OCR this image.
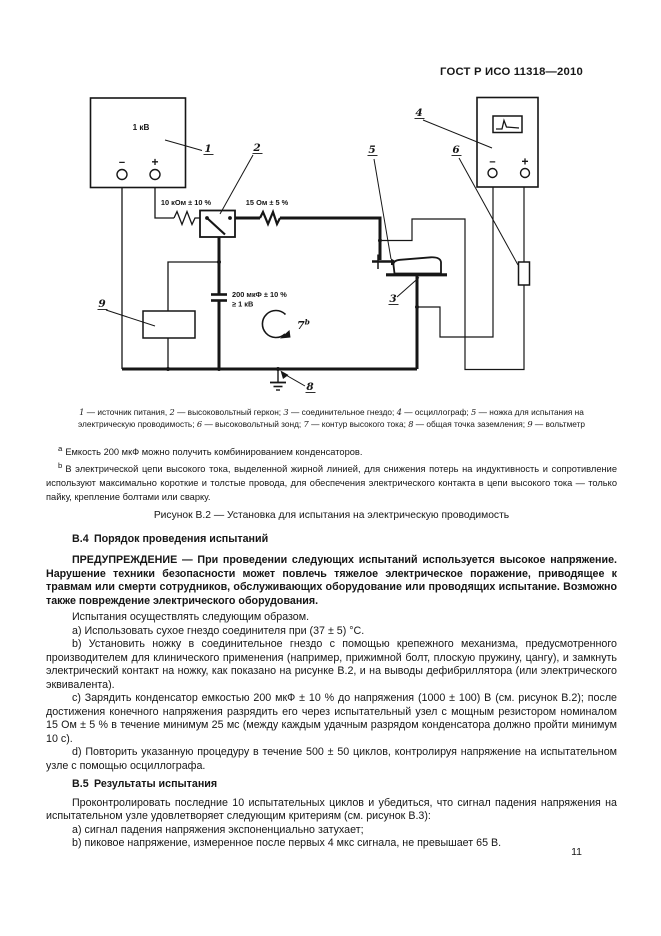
ГОСТ Р ИСО 11318—2010
1 кВ
− +
10 кОм ± 10 %	15 Ом ± 5 %
200 мкФ ± 10 %
≥ 1 кВ
− +
$7^b$
1	2
3
4
5	6
8
9
1 — источник питания, 2 — высоковольтный геркон; 3 — соединительное гнездо; 4 — осциллограф; 5 — ножка для испытания на электрическую проводимость; 6 — высоковольтный зонд; 7 — контур высокого тока; 8 — общая точка заземления; 9 — вольтметр

$^a$ Емкость 200 мкФ можно получить комбинированием конденсаторов.

$^b$ В электрической цепи высокого тока, выделенной жирной линией, для снижения потерь на индуктивность и сопротивление используют максимально короткие и толстые провода, для обеспечения электрического контакта в цепи высокого тока — только пайку, крепление болтами или сварку.

Рисунок В.2 — Установка для испытания на электрическую проводимость

В.4 Порядок проведения испытаний

ПРЕДУПРЕЖДЕНИЕ — При проведении следующих испытаний используется высокое напряжение. Нарушение техники безопасности может повлечь тяжелое электрическое поражение, приводящее к травмам или смерти сотрудников, обслуживающих оборудование или проводящих испытание. Возможно также повреждение электрического оборудования.

Испытания осуществлять следующим образом.

a) Использовать сухое гнездо соединителя при (37 ± 5) °С.

b) Установить ножку в соединительное гнездо с помощью крепежного механизма, предусмотренного производителем для клинического применения (например, прижимной болт, плоскую пружину, цангу), и замкнуть электрический контакт на ножку, как показано на рисунке В.2, и на выводы дефибриллятора (или электрического эквивалента).

c) Зарядить конденсатор емкостью 200 мкФ ± 10 % до напряжения (1000 ± 100) В (см. рисунок В.2); после достижения конечного напряжения разрядить его через испытательный узел с мощным резистором номиналом 15 Ом ± 5 % в течение минимум 25 мс (между каждым удачным разрядом конденсатора должно пройти минимум 10 с).

d) Повторить указанную процедуру в течение 500 ± 50 циклов, контролируя напряжение на испытательном узле с помощью осциллографа.

В.5 Результаты испытания

Проконтролировать последние 10 испытательных циклов и убедиться, что сигнал падения напряжения на испытательном узле удовлетворяет следующим критериям (см. рисунок В.3):

a) сигнал падения напряжения экспоненциально затухает;

b) пиковое напряжение, измеренное после первых 4 мкс сигнала, не превышает 65 В.

11
